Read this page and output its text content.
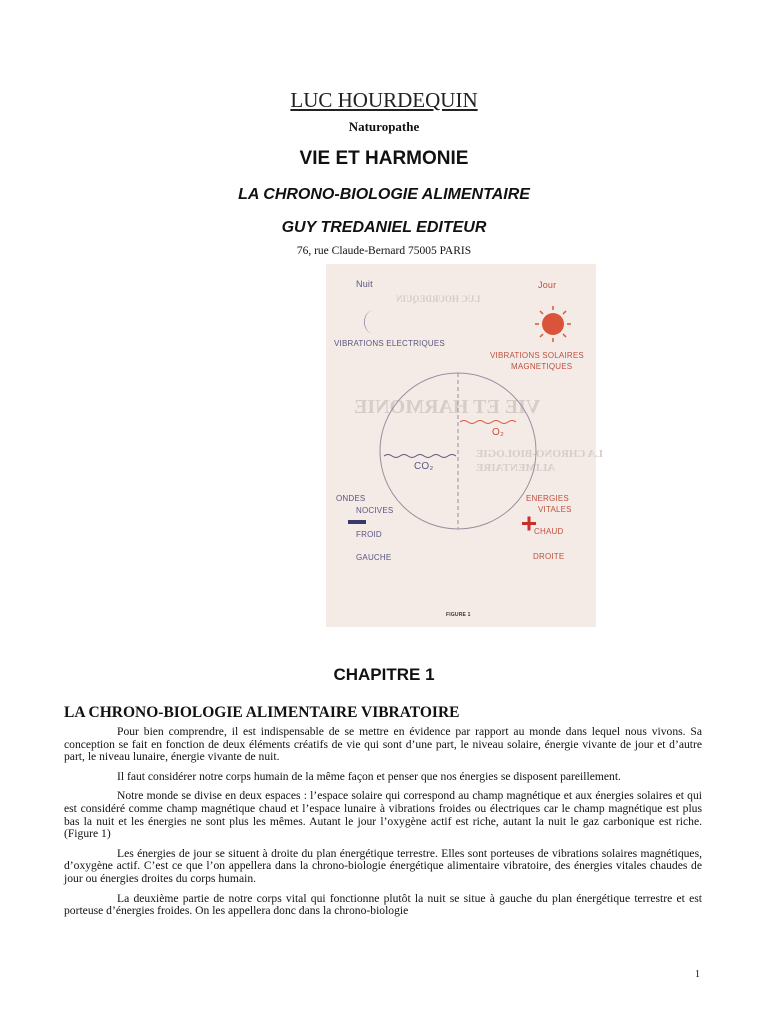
LUC HOURDEQUIN
Naturopathe
VIE ET HARMONIE
LA CHRONO-BIOLOGIE ALIMENTAIRE
GUY TREDANIEL EDITEUR
76, rue Claude-Bernard 75005 PARIS
VIE ET HARMONIE
LUC HOURDEQUIN
LA CHRONO-BIOLOGIE
ALIMENTAIRE
Nuit	Jour
VIBRATIONS ELECTRIQUES
VIBRATIONS SOLAIRES
MAGNETIQUES
O₂
CO₂
ONDES
NOCIVES
FROID
GAUCHE
ENERGIES
VITALES
CHAUD
DROITE
FIGURE 1
CHAPITRE 1
LA CHRONO-BIOLOGIE ALIMENTAIRE VIBRATOIRE

Pour bien comprendre, il est indispensable de se mettre en évidence par rapport au monde dans lequel nous vivons. Sa conception se fait en fonction de deux éléments créatifs de vie qui sont d’une part, le niveau solaire, énergie vivante de jour et d’autre part, le niveau lunaire, énergie vivante de nuit.

Il faut considérer notre corps humain de la même façon et penser que nos énergies se disposent pareillement.

Notre monde se divise en deux espaces : l’espace solaire qui correspond au champ magnétique et aux énergies solaires et qui est considéré comme champ magnétique chaud et l’espace lunaire à vibrations froides ou électriques car le champ magnétique est plus bas la nuit et les énergies ne sont plus les mêmes. Autant le jour l’oxygène actif est riche, autant la nuit le gaz carbonique est riche. (Figure 1)

Les énergies de jour se situent à droite du plan énergétique terrestre. Elles sont porteuses de vibrations solaires magnétiques, d’oxygène actif. C’est ce que l’on appellera dans la chrono-biologie énergétique alimentaire vibratoire, des énergies vitales chaudes de jour ou énergies droites du corps humain.

La deuxième partie de notre corps vital qui fonctionne plutôt la nuit se situe à gauche du plan énergétique terrestre et est porteuse d’énergies froides. On les appellera donc dans la chrono-biologie

1
